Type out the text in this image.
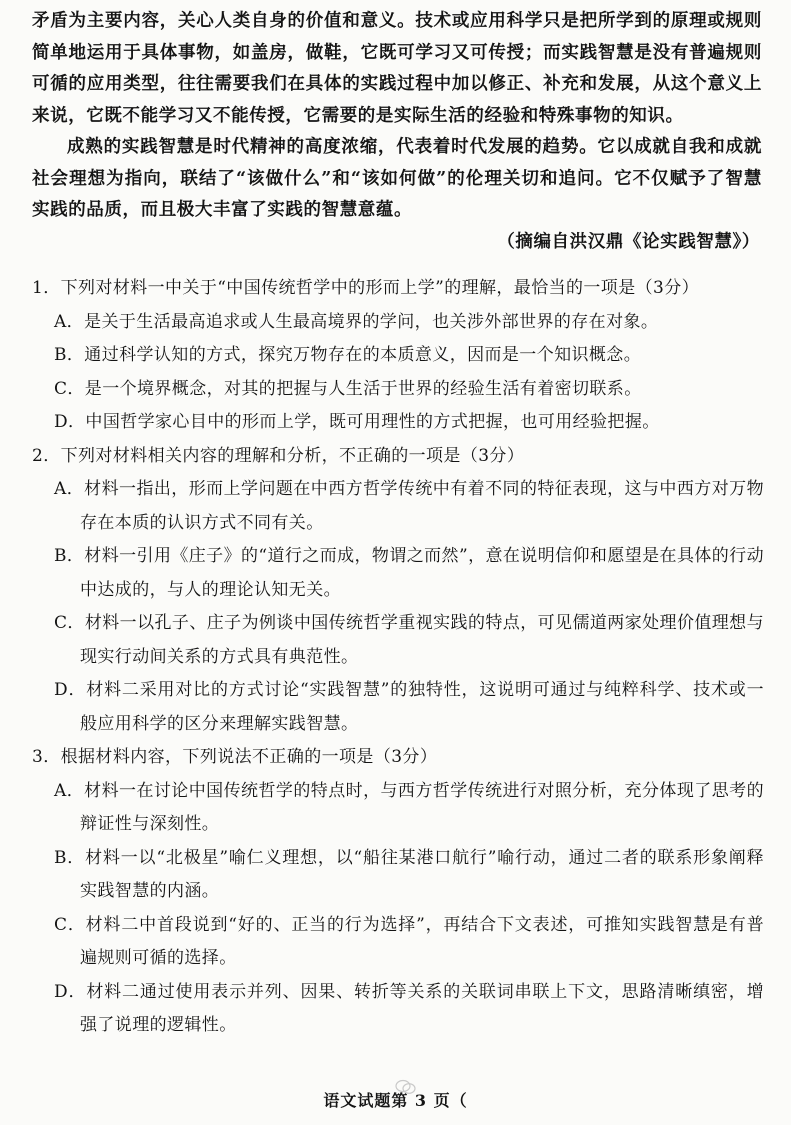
矛盾为主要内容，关心人类自身的价值和意义。技术或应用科学只是把所学到的原理或规则简单地运用于具体事物，如盖房，做鞋，它既可学习又可传授；而实践智慧是没有普遍规则可循的应用类型，往往需要我们在具体的实践过程中加以修正、补充和发展，从这个意义上来说，它既不能学习又不能传授，它需要的是实际生活的经验和特殊事物的知识。

成熟的实践智慧是时代精神的高度浓缩，代表着时代发展的趋势。它以成就自我和成就社会理想为指向，联结了“该做什么”和“该如何做”的伦理关切和追问。它不仅赋予了智慧实践的品质，而且极大丰富了实践的智慧意蕴。

（摘编自洪汉鼎《论实践智慧》）

1．下列对材料一中关于“中国传统哲学中的形而上学”的理解，最恰当的一项是（3分）

A．是关于生活最高追求或人生最高境界的学问，也关涉外部世界的存在对象。

B．通过科学认知的方式，探究万物存在的本质意义，因而是一个知识概念。

C．是一个境界概念，对其的把握与人生活于世界的经验生活有着密切联系。

D．中国哲学家心目中的形而上学，既可用理性的方式把握，也可用经验把握。

2．下列对材料相关内容的理解和分析，不正确的一项是（3分）

A．材料一指出，形而上学问题在中西方哲学传统中有着不同的特征表现，这与中西方对万物存在本质的认识方式不同有关。

B．材料一引用《庄子》的“道行之而成，物谓之而然”，意在说明信仰和愿望是在具体的行动中达成的，与人的理论认知无关。

C．材料一以孔子、庄子为例谈中国传统哲学重视实践的特点，可见儒道两家处理价值理想与现实行动间关系的方式具有典范性。

D．材料二采用对比的方式讨论“实践智慧”的独特性，这说明可通过与纯粹科学、技术或一般应用科学的区分来理解实践智慧。

3．根据材料内容，下列说法不正确的一项是（3分）

A．材料一在讨论中国传统哲学的特点时，与西方哲学传统进行对照分析，充分体现了思考的辩证性与深刻性。

B．材料一以“北极星”喻仁义理想，以“船往某港口航行”喻行动，通过二者的联系形象阐释实践智慧的内涵。

C．材料二中首段说到“好的、正当的行为选择”，再结合下文表述，可推知实践智慧是有普遍规则可循的选择。

D．材料二通过使用表示并列、因果、转折等关系的关联词串联上下文，思路清晰缜密，增强了说理的逻辑性。

语文试题第 3 页（
